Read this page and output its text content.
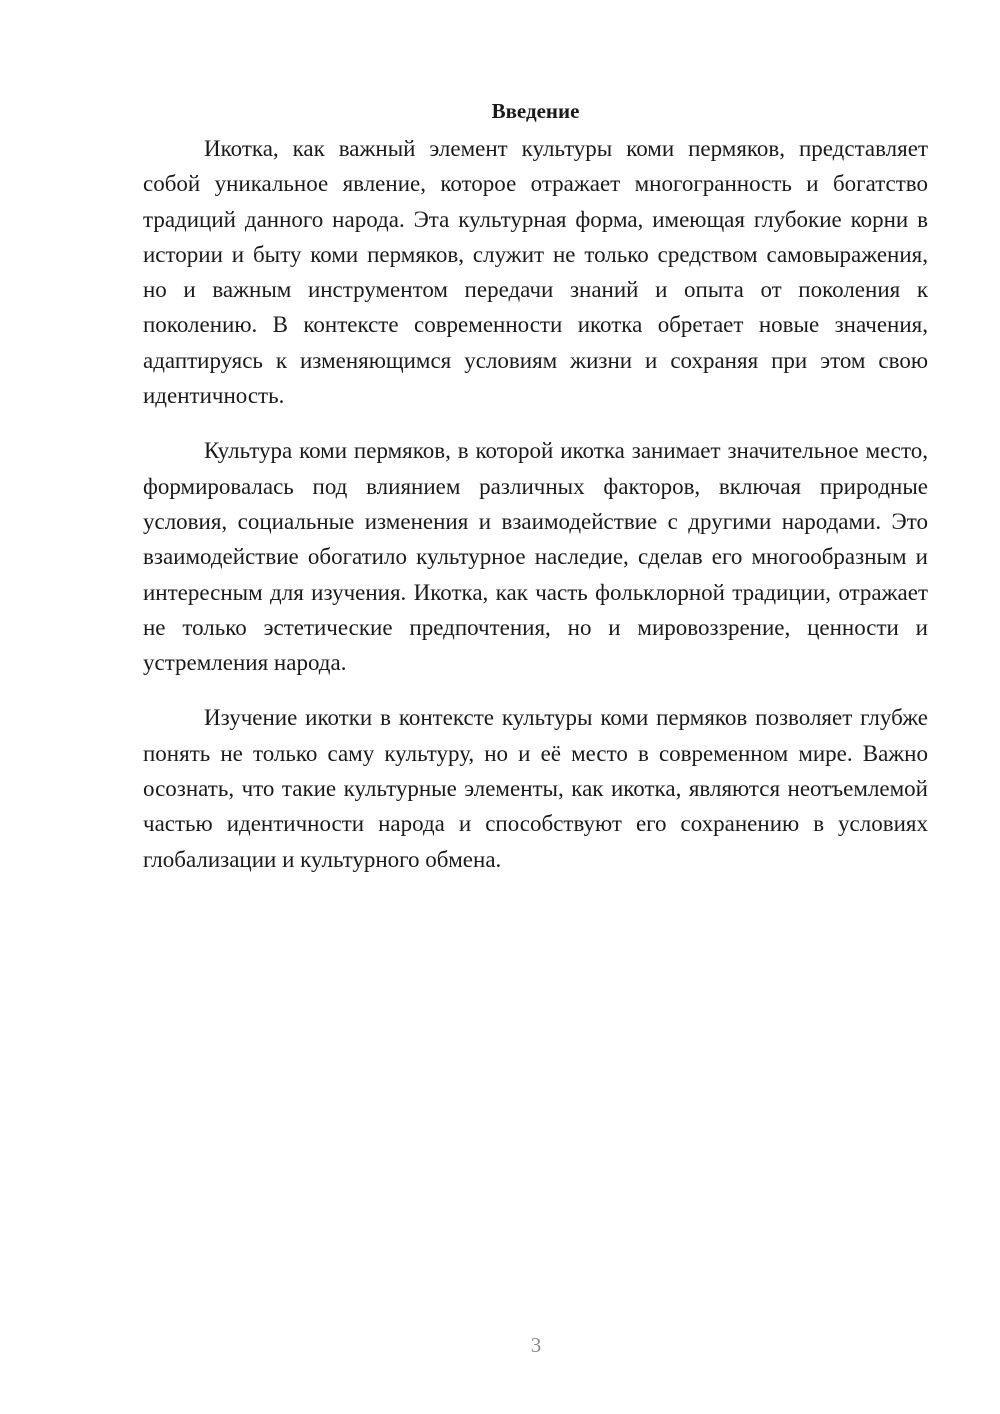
Введение

Икотка, как важный элемент культуры коми пермяков, представляет собой уникальное явление, которое отражает многогранность и богатство традиций данного народа. Эта культурная форма, имеющая глубокие корни в истории и быту коми пермяков, служит не только средством самовыражения, но и важным инструментом передачи знаний и опыта от поколения к поколению. В контексте современности икотка обретает новые значения, адаптируясь к изменяющимся условиям жизни и сохраняя при этом свою идентичность.

Культура коми пермяков, в которой икотка занимает значительное место, формировалась под влиянием различных факторов, включая природные условия, социальные изменения и взаимодействие с другими народами. Это взаимодействие обогатило культурное наследие, сделав его многообразным и интересным для изучения. Икотка, как часть фольклорной традиции, отражает не только эстетические предпочтения, но и мировоззрение, ценности и устремления народа.

Изучение икотки в контексте культуры коми пермяков позволяет глубже понять не только саму культуру, но и её место в современном мире. Важно осознать, что такие культурные элементы, как икотка, являются неотъемлемой частью идентичности народа и способствуют его сохранению в условиях глобализации и культурного обмена.

3
